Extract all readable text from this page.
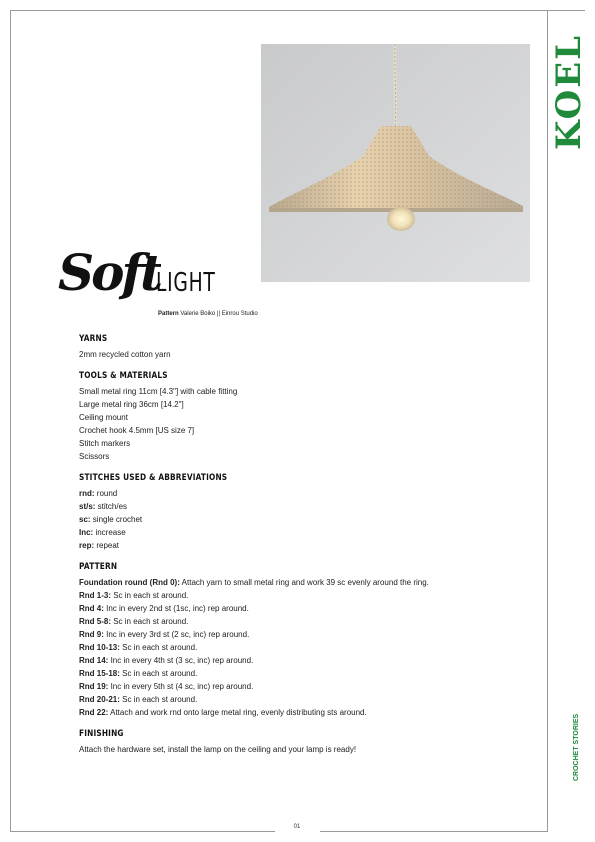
01
KOEL
CROCHET STORIES
Soft
LIGHT
Pattern Valerie Boiko || Einrou Studio
YARNS
2mm recycled cotton yarn
TOOLS & MATERIALS
Small metal ring 11cm [4.3"] with cable fitting
Large metal ring 36cm [14.2"]
Ceiling mount
Crochet hook 4.5mm [US size 7]
Stitch markers
Scissors
STITCHES USED & ABBREVIATIONS
rnd: round
st/s: stitch/es
sc: single crochet
Inc: increase
rep: repeat
PATTERN
Foundation round (Rnd 0): Attach yarn to small metal ring and work 39 sc evenly around the ring.
Rnd 1-3: Sc in each st around.
Rnd 4: Inc in every 2nd st (1sc, inc) rep around.
Rnd 5-8: Sc in each st around.
Rnd 9: Inc in every 3rd st (2 sc, inc) rep around.
Rnd 10-13: Sc in each st around.
Rnd 14: Inc in every 4th st (3 sc, inc) rep around.
Rnd 15-18: Sc in each st around.
Rnd 19: Inc in every 5th st (4 sc, inc) rep around.
Rnd 20-21: Sc in each st around.
Rnd 22: Attach and work rnd onto large metal ring, evenly distributing sts around.
FINISHING
Attach the hardware set, install the lamp on the ceiling and your lamp is ready!
